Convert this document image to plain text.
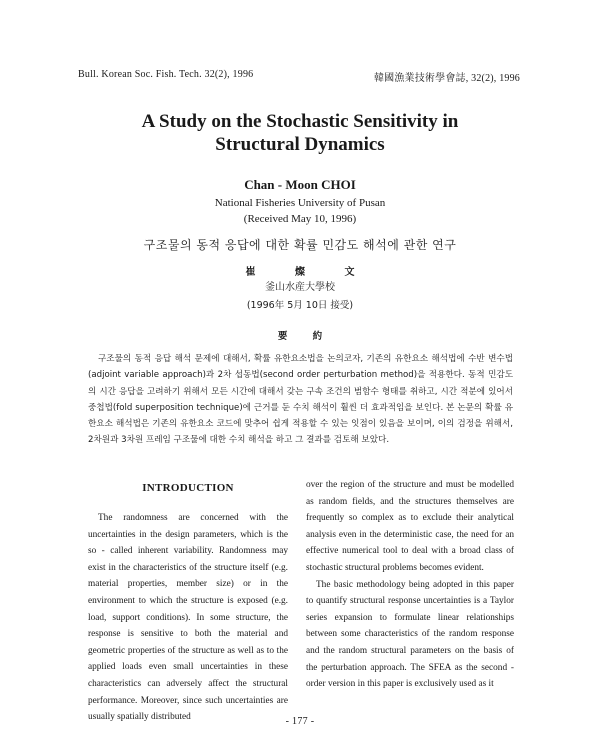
Bull. Korean Soc. Fish. Tech. 32(2), 1996	韓國漁業技術學會誌, 32(2), 1996
A Study on the Stochastic Sensitivity in
Structural Dynamics
Chan - Moon CHOI
National Fisheries University of Pusan
(Received May 10, 1996)
구조물의 동적 응답에 대한 확률 민감도 해석에 관한 연구
崔 燦 文
釜山水産大學校
(1996年 5月 10日 接受)
要 約
구조물의 동적 응답 해석 문제에 대해서, 확률 유한요소법을 논의코자, 기존의 유한요소 해석법에 수반 변수법(adjoint variable approach)과 2차 섭동법(second order perturbation method)을 적용한다. 동적 민감도의 시간 응답을 고려하기 위해서 모든 시간에 대해서 갖는 구속 조건의 범함수 형태를 취하고, 시간 적분에 있어서 중첩법(fold superposition technique)에 근거를 둔 수치 해석이 훨씬 더 효과적임을 보인다. 본 논문의 확률 유한요소 해석법은 기존의 유한요소 코드에 맞추어 쉽게 적용할 수 있는 잇점이 있음을 보이며, 이의 검정을 위해서, 2차원과 3차원 프레임 구조물에 대한 수치 해석을 하고 그 결과를 검토해 보았다.
INTRODUCTION

The randomness are concerned with the uncertainties in the design parameters, which is the so - called inherent variability. Randomness may exist in the characteristics of the structure itself (e.g. material properties, member size) or in the environment to which the structure is exposed (e.g. load, support conditions). In some structure, the response is sensitive to both the material and geometric properties of the structure as well as to the applied loads even small uncertainties in these characteristics can adversely affect the structural performance. Moreover, since such uncertainties are usually spatially distributed

over the region of the structure and must be modelled as random fields, and the structures themselves are frequently so complex as to exclude their analytical analysis even in the deterministic case, the need for an effective numerical tool to deal with a broad class of stochastic structural problems becomes evident.

The basic methodology being adopted in this paper to quantify structural response uncertainties is a Taylor series expansion to formulate linear relationships between some characteristics of the random response and the random structural parameters on the basis of the perturbation approach. The SFEA as the second - order version in this paper is exclusively used as it

- 177 -
